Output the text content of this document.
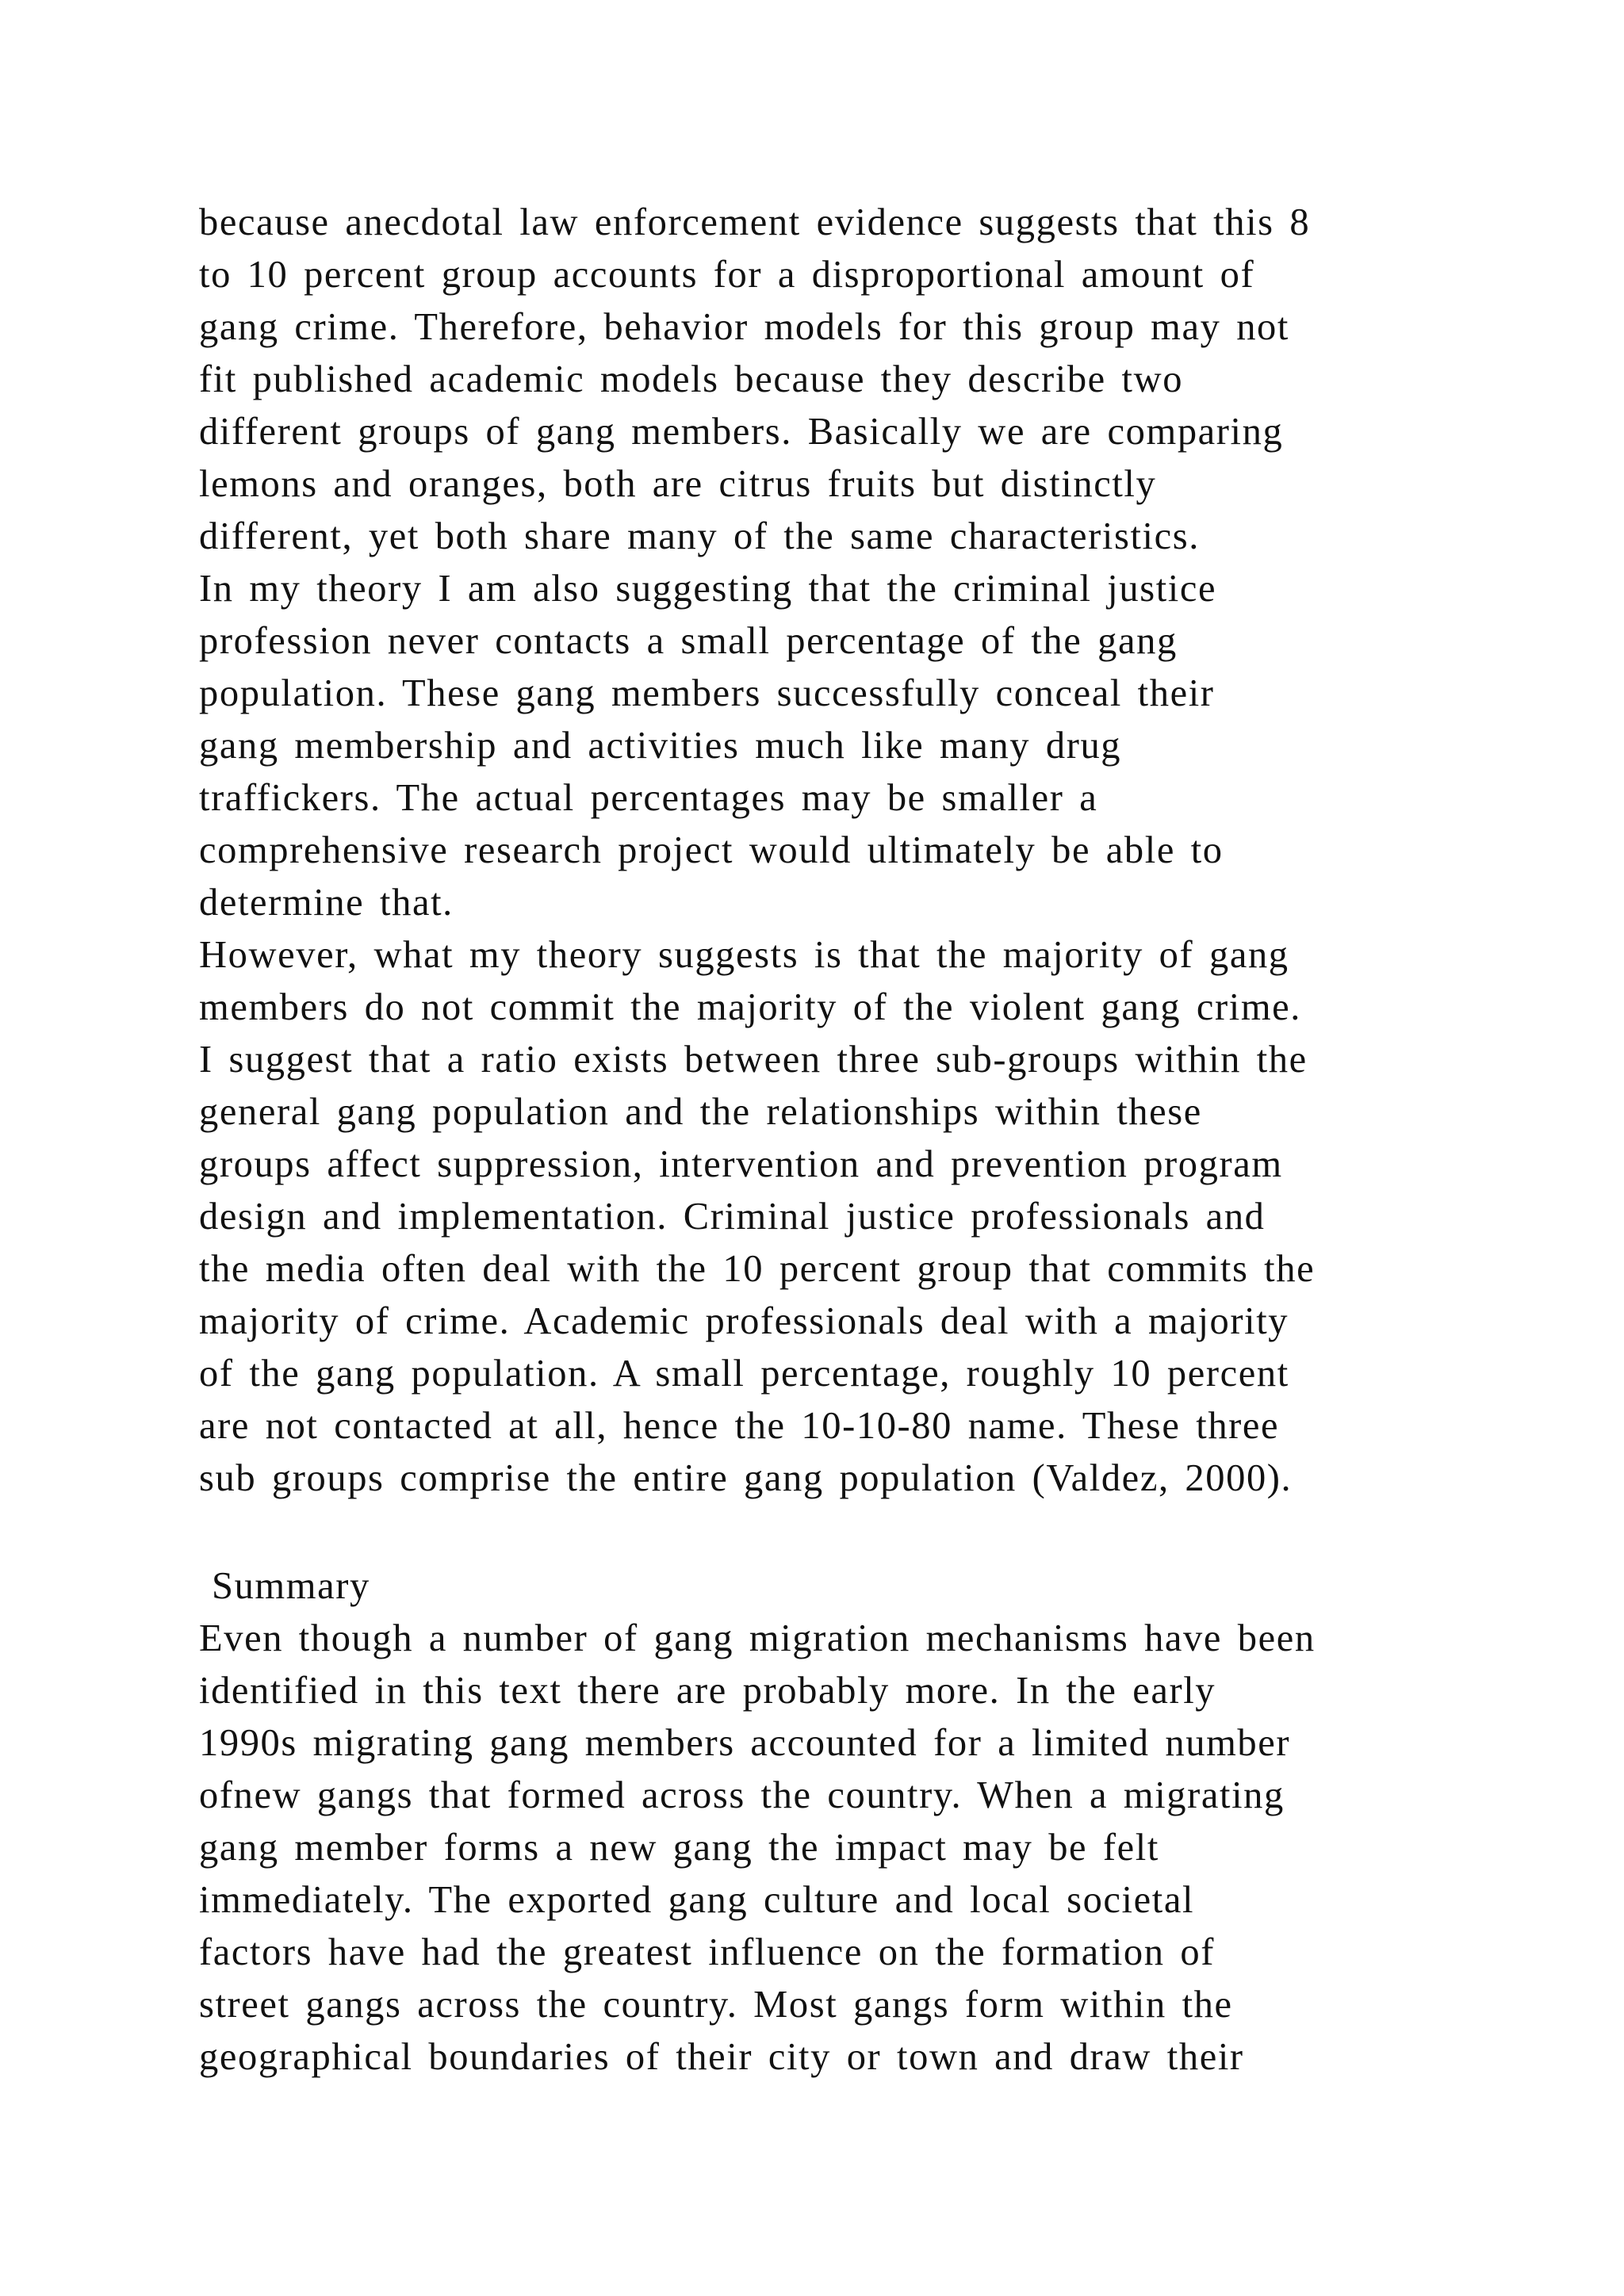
because anecdotal law enforcement evidence suggests that this 8
to 10 percent group accounts for a disproportional amount of
gang crime. Therefore, behavior models for this group may not
fit published academic models because they describe two
different groups of gang members. Basically we are comparing
lemons and oranges, both are citrus fruits but distinctly
different, yet both share many of the same characteristics.
In my theory I am also suggesting that the criminal justice
profession never contacts a small percentage of the gang
population. These gang members successfully conceal their
gang membership and activities much like many drug
traffickers. The actual percentages may be smaller a
comprehensive research project would ultimately be able to
determine that.
However, what my theory suggests is that the majority of gang
members do not commit the majority of the violent gang crime.
I suggest that a ratio exists between three sub-groups within the
general gang population and the relationships within these
groups affect suppression, intervention and prevention program
design and implementation. Criminal justice professionals and
the media often deal with the 10 percent group that commits the
majority of crime. Academic professionals deal with a majority
of the gang population. A small percentage, roughly 10 percent
are not contacted at all, hence the 10-10-80 name. These three
sub groups comprise the entire gang population (Valdez, 2000).
Summary
Even though a number of gang migration mechanisms have been
identified in this text there are probably more. In the early
1990s migrating gang members accounted for a limited number
ofnew gangs that formed across the country. When a migrating
gang member forms a new gang the impact may be felt
immediately. The exported gang culture and local societal
factors have had the greatest influence on the formation of
street gangs across the country. Most gangs form within the
geographical boundaries of their city or town and draw their
